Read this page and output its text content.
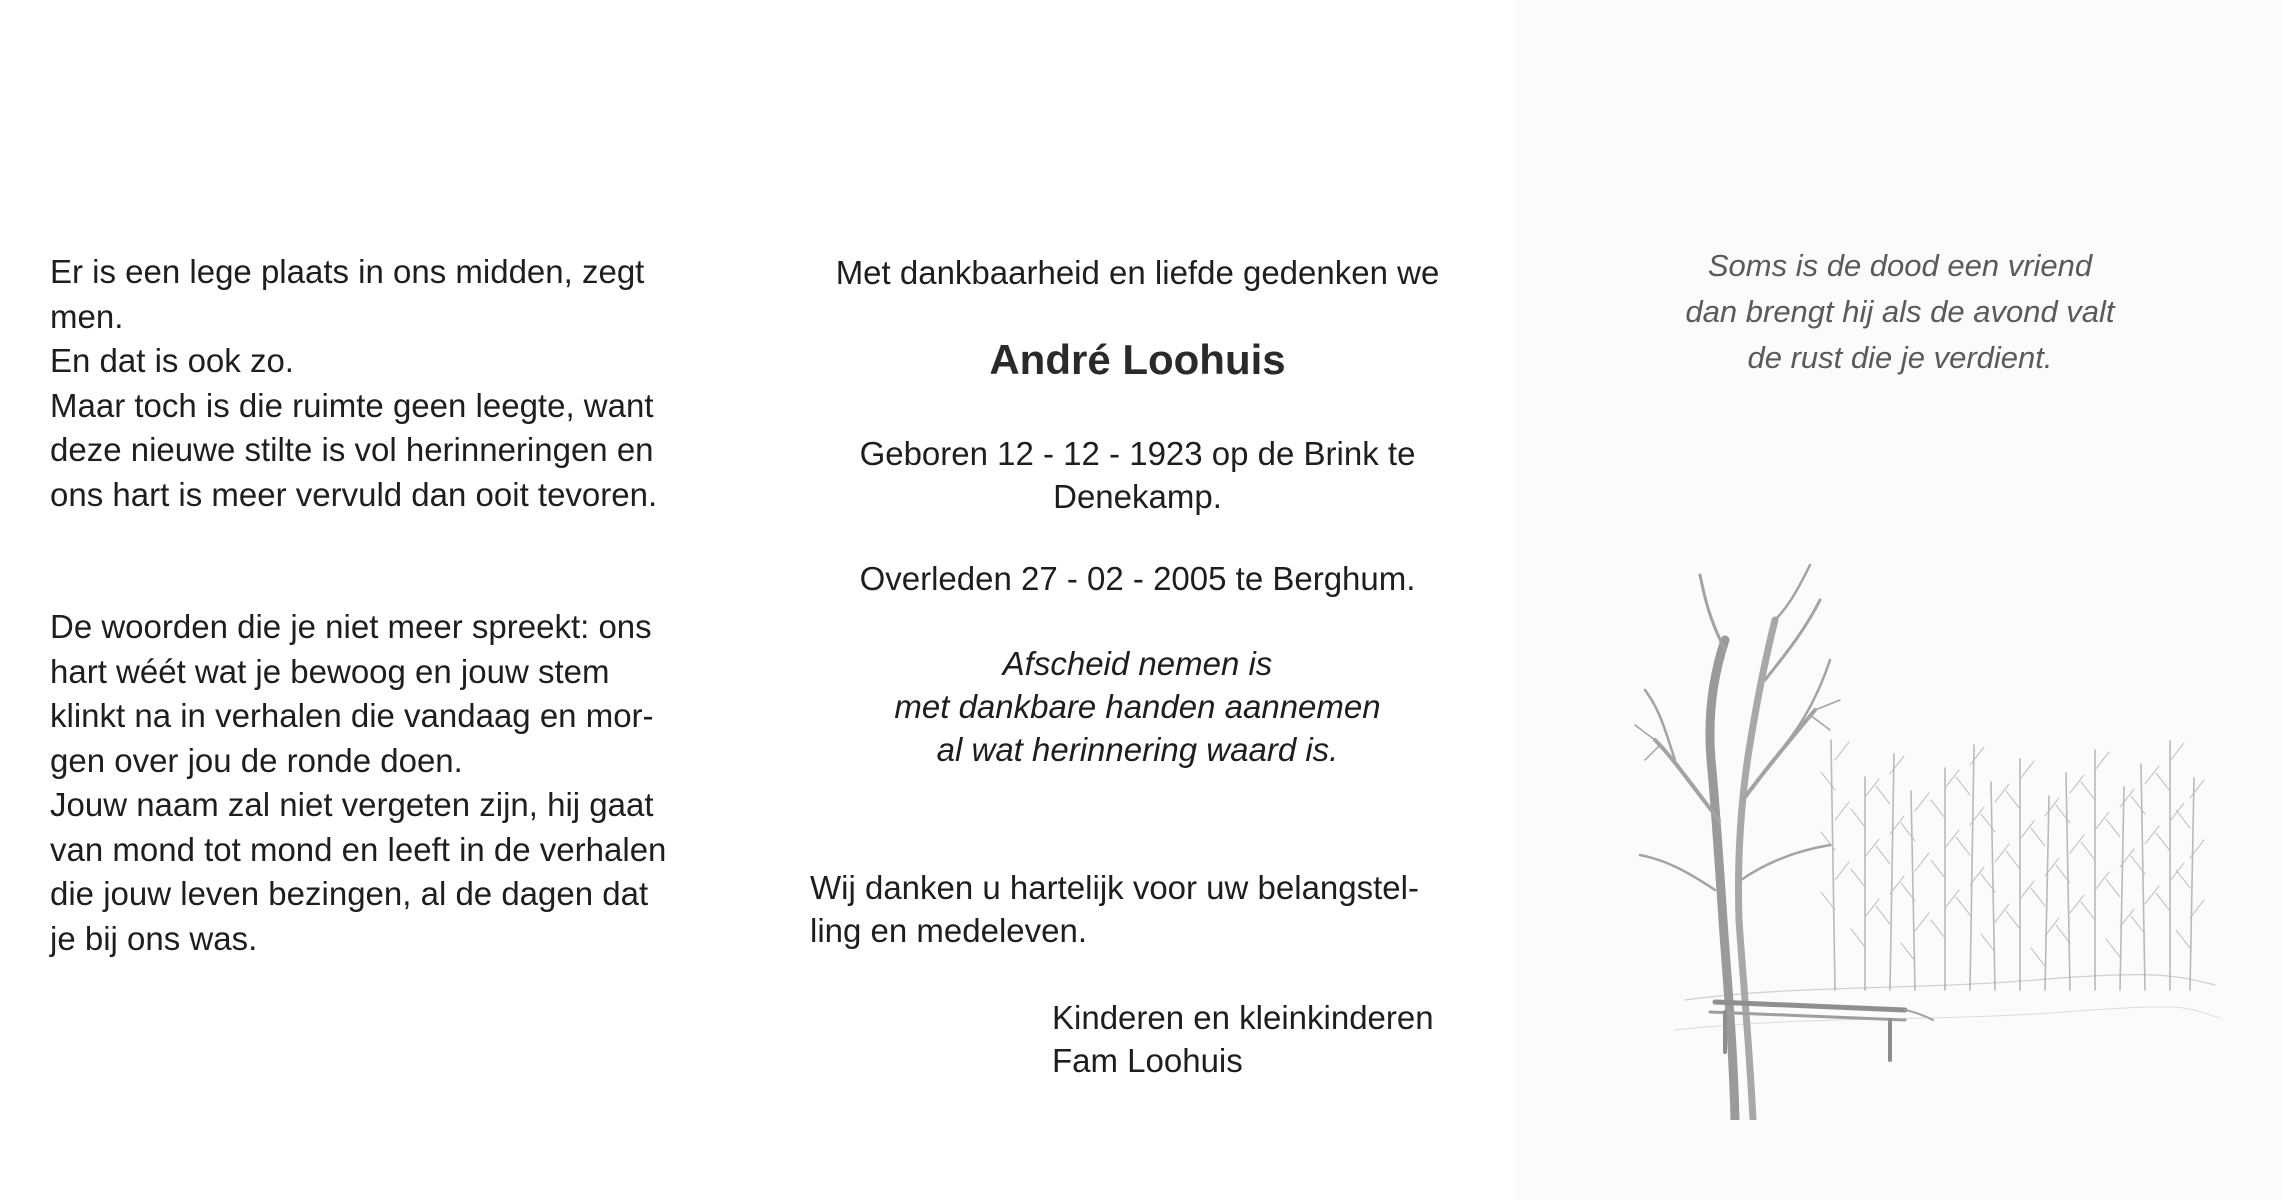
Er is een lege plaats in ons midden, zegt
men.
En dat is ook zo.
Maar toch is die ruimte geen leegte, want
deze nieuwe stilte is vol herinneringen en
ons hart is meer vervuld dan ooit tevoren.
De woorden die je niet meer spreekt: ons
hart wéét wat je bewoog en jouw stem
klinkt na in verhalen die vandaag en mor-
gen over jou de ronde doen.
Jouw naam zal niet vergeten zijn, hij gaat
van mond tot mond en leeft in de verhalen
die jouw leven bezingen, al de dagen dat
je bij ons was.
Met dankbaarheid en liefde gedenken we
André Loohuis
Geboren 12 - 12 - 1923 op de Brink te
Denekamp.
Overleden 27 - 02 - 2005 te Berghum.
Afscheid nemen is
met dankbare handen aannemen
al wat herinnering waard is.
Wij danken u hartelijk voor uw belangstel-
ling en medeleven.
Kinderen en kleinkinderen
Fam Loohuis
Soms is de dood een vriend
dan brengt hij als de avond valt
de rust die je verdient.
